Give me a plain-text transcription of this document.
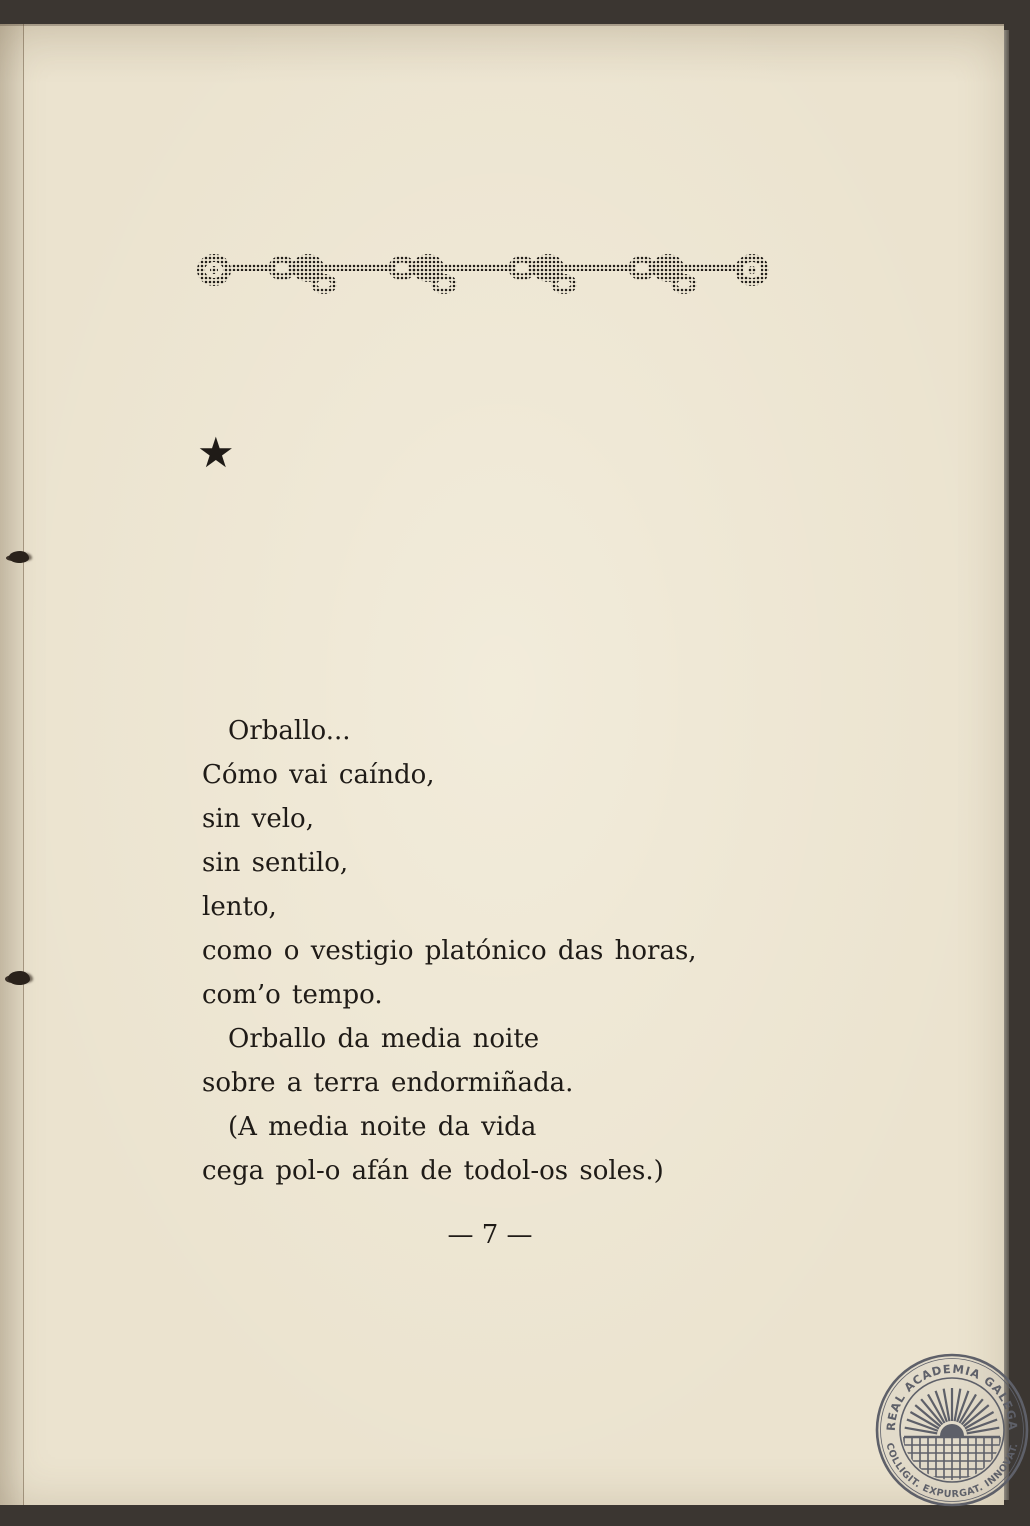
★
Orballo...
Cómo vai caíndo,
sin velo,
sin sentilo,
lento,
como o vestigio platónico das horas,
com’o tempo.
Orballo da media noite
sobre a terra endormiñada.
(A media noite da vida
cega pol-o afán de todol-os soles.)
— 7 —
REAL ACADEMIA GALEGA
COLLIGIT. EXPURGAT. INNOVAT.
